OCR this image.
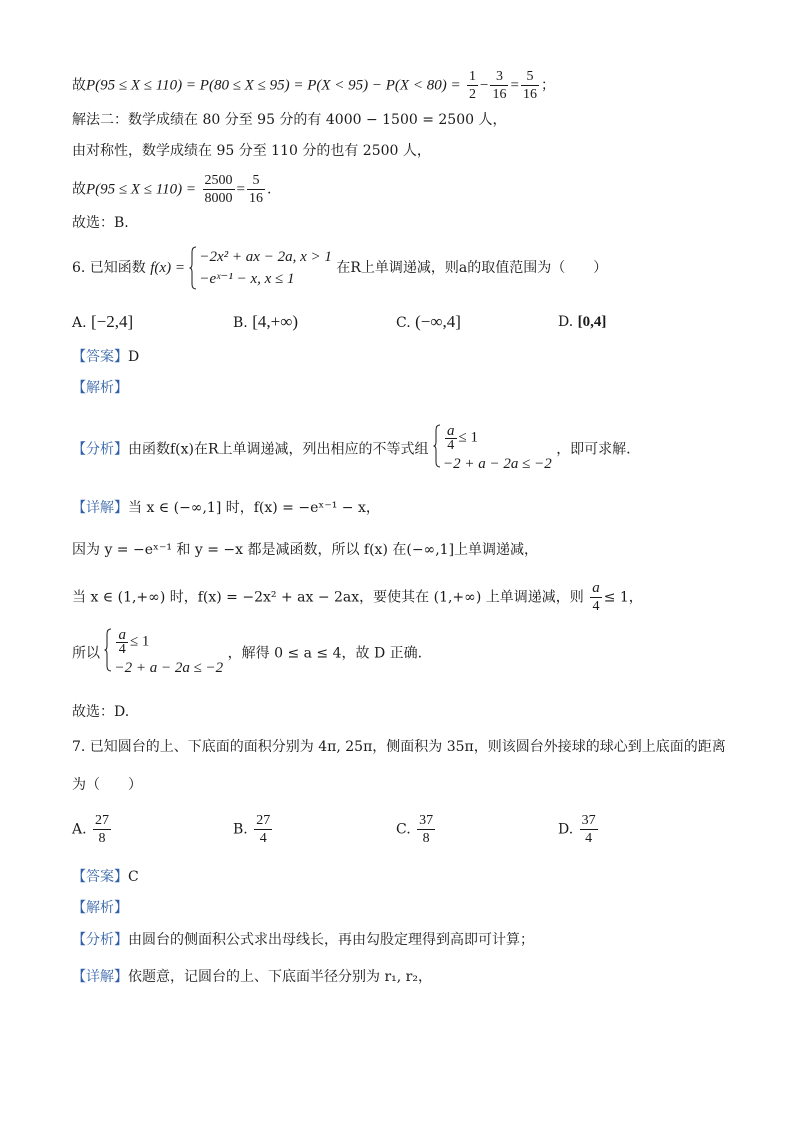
故$P(95 \le X \le 110) = P(80 \le X \le 95) = P(X < 95) - P(X < 80) = \frac{1}{2} - \frac{3}{16} = \frac{5}{16}$ ；
解法二：数学成绩在 80 分至 95 分的有 4000 − 1500 = 2500 人，
由对称性，数学成绩在 95 分至 110 分的也有 2500 人，
故$P(95 \le X \le 110) = \frac{2500}{8000} = \frac{5}{16}$ .
故选：B.
6. 已知函数 f(x) =
−2x² + ax − 2a, x > 1
−eˣ⁻¹ − x, x ≤ 1
在R上单调递减，则a的取值范围为（　　）
A. [−2,4]	B. [4,+∞)	C. (−∞,4]	D. [0,4]
【答案】D
【解析】
【分析】由函数f(x)在R上单调递减，列出相应的不等式组 $\frac{a}{4} \le 1$
−2 + a − 2a ≤ −2
，即可求解.
【详解】当 x ∈ (−∞,1] 时，f(x) = −eˣ⁻¹ − x，
因为 y = −eˣ⁻¹ 和 y = −x 都是减函数，所以 f(x) 在(−∞,1]上单调递减，
当 x ∈ (1,+∞) 时，f(x) = −2x² + ax − 2ax，要使其在 (1,+∞) 上单调递减，则 $\frac{a}{4} \le 1$，
所以 $\frac{a}{4} \le 1$
−2 + a − 2a ≤ −2
，解得 0 ≤ a ≤ 4，故 D 正确.
故选：D.
7. 已知圆台的上、下底面的面积分别为 4π, 25π，侧面积为 35π，则该圆台外接球的球心到上底面的距离
为（　　）
A. $\frac{27}{8}$	B. $\frac{27}{4}$	C. $\frac{37}{8}$	D. $\frac{37}{4}$
【答案】C
【解析】
【分析】由圆台的侧面积公式求出母线长，再由勾股定理得到高即可计算；
【详解】依题意，记圆台的上、下底面半径分别为 r₁, r₂，
